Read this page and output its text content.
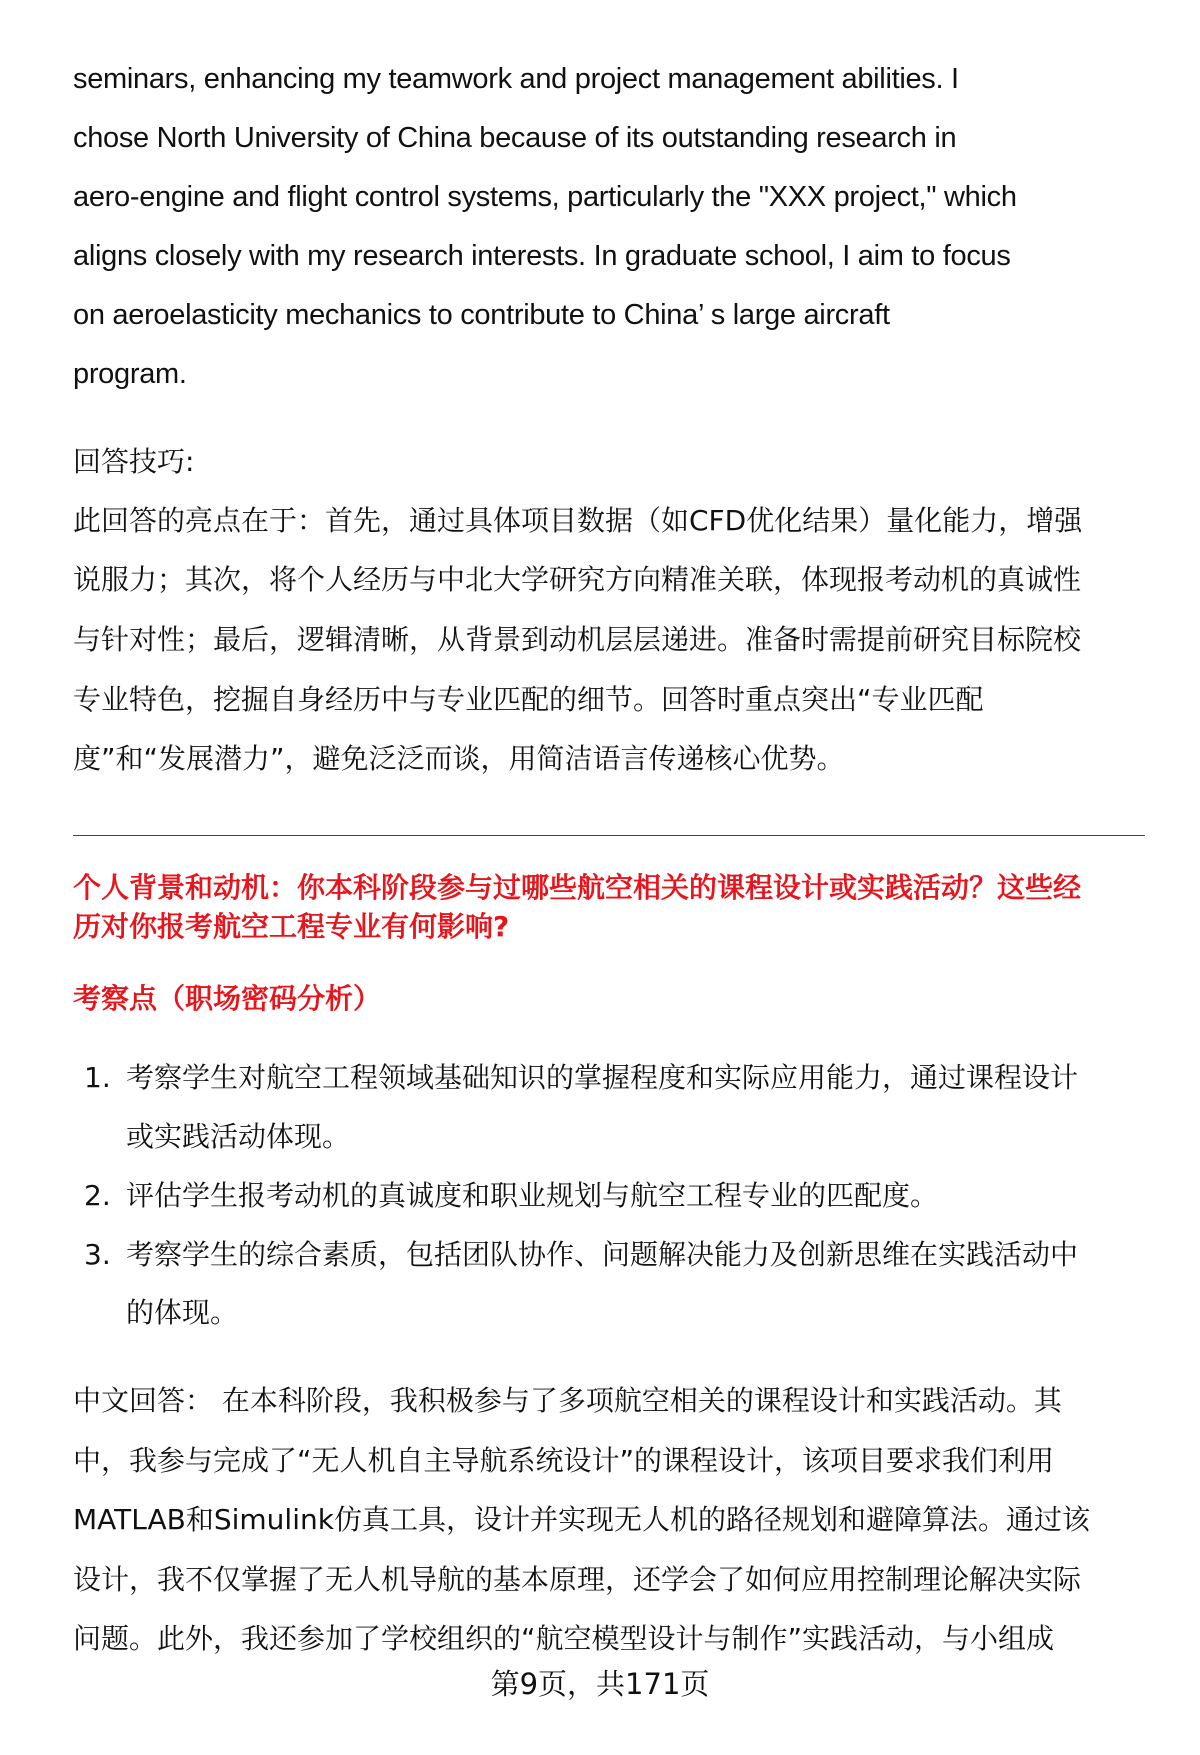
seminars, enhancing my teamwork and project management abilities. I
chose North University of China because of its outstanding research in
aero-engine and flight control systems, particularly the "XXX project," which
aligns closely with my research interests. In graduate school, I aim to focus
on aeroelasticity mechanics to contribute to China’ s large aircraft
program.
回答技巧:
此回答的亮点在于：首先，通过具体项目数据（如CFD优化结果）量化能力，增强
说服力；其次，将个人经历与中北大学研究方向精准关联，体现报考动机的真诚性
与针对性；最后，逻辑清晰，从背景到动机层层递进。准备时需提前研究目标院校
专业特色，挖掘自身经历中与专业匹配的细节。回答时重点突出“专业匹配
度”和“发展潜力”，避免泛泛而谈，用简洁语言传递核心优势。
个人背景和动机：你本科阶段参与过哪些航空相关的课程设计或实践活动？这些经
历对你报考航空工程专业有何影响?
考察点（职场密码分析）
1. 考察学生对航空工程领域基础知识的掌握程度和实际应用能力，通过课程设计
或实践活动体现。
2. 评估学生报考动机的真诚度和职业规划与航空工程专业的匹配度。
3. 考察学生的综合素质，包括团队协作、问题解决能力及创新思维在实践活动中
的体现。
中文回答： 在本科阶段，我积极参与了多项航空相关的课程设计和实践活动。其
中，我参与完成了“无人机自主导航系统设计”的课程设计，该项目要求我们利用
MATLAB和Simulink仿真工具，设计并实现无人机的路径规划和避障算法。通过该
设计，我不仅掌握了无人机导航的基本原理，还学会了如何应用控制理论解决实际
问题。此外，我还参加了学校组织的“航空模型设计与制作”实践活动，与小组成
第9页，共171页
